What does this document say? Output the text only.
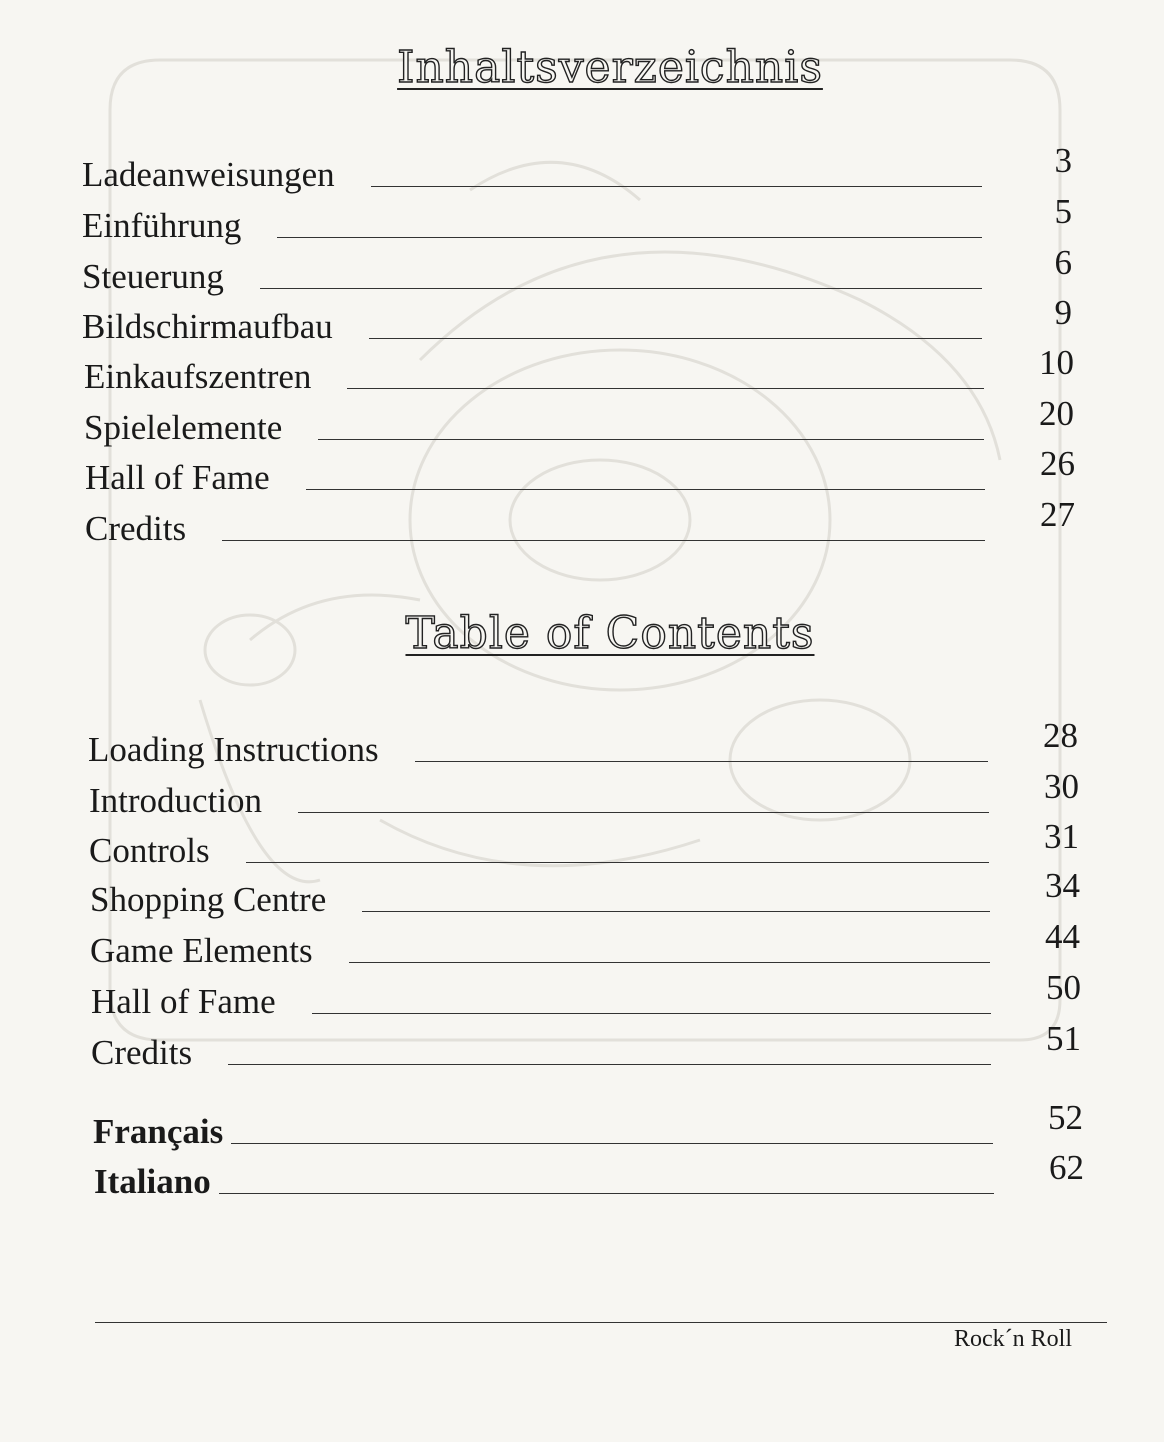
Inhaltsverzeichnis
Ladeanweisungen	3
Einführung	5
Steuerung	6
Bildschirmaufbau	9
Einkaufszentren	10
Spielelemente	20
Hall of Fame	26
Credits	27
Table of Contents
Loading Instructions	28
Introduction	30
Controls	31
Shopping Centre	34
Game Elements	44
Hall of Fame	50
Credits	51
Français	52
Italiano	62
Rock´n Roll
